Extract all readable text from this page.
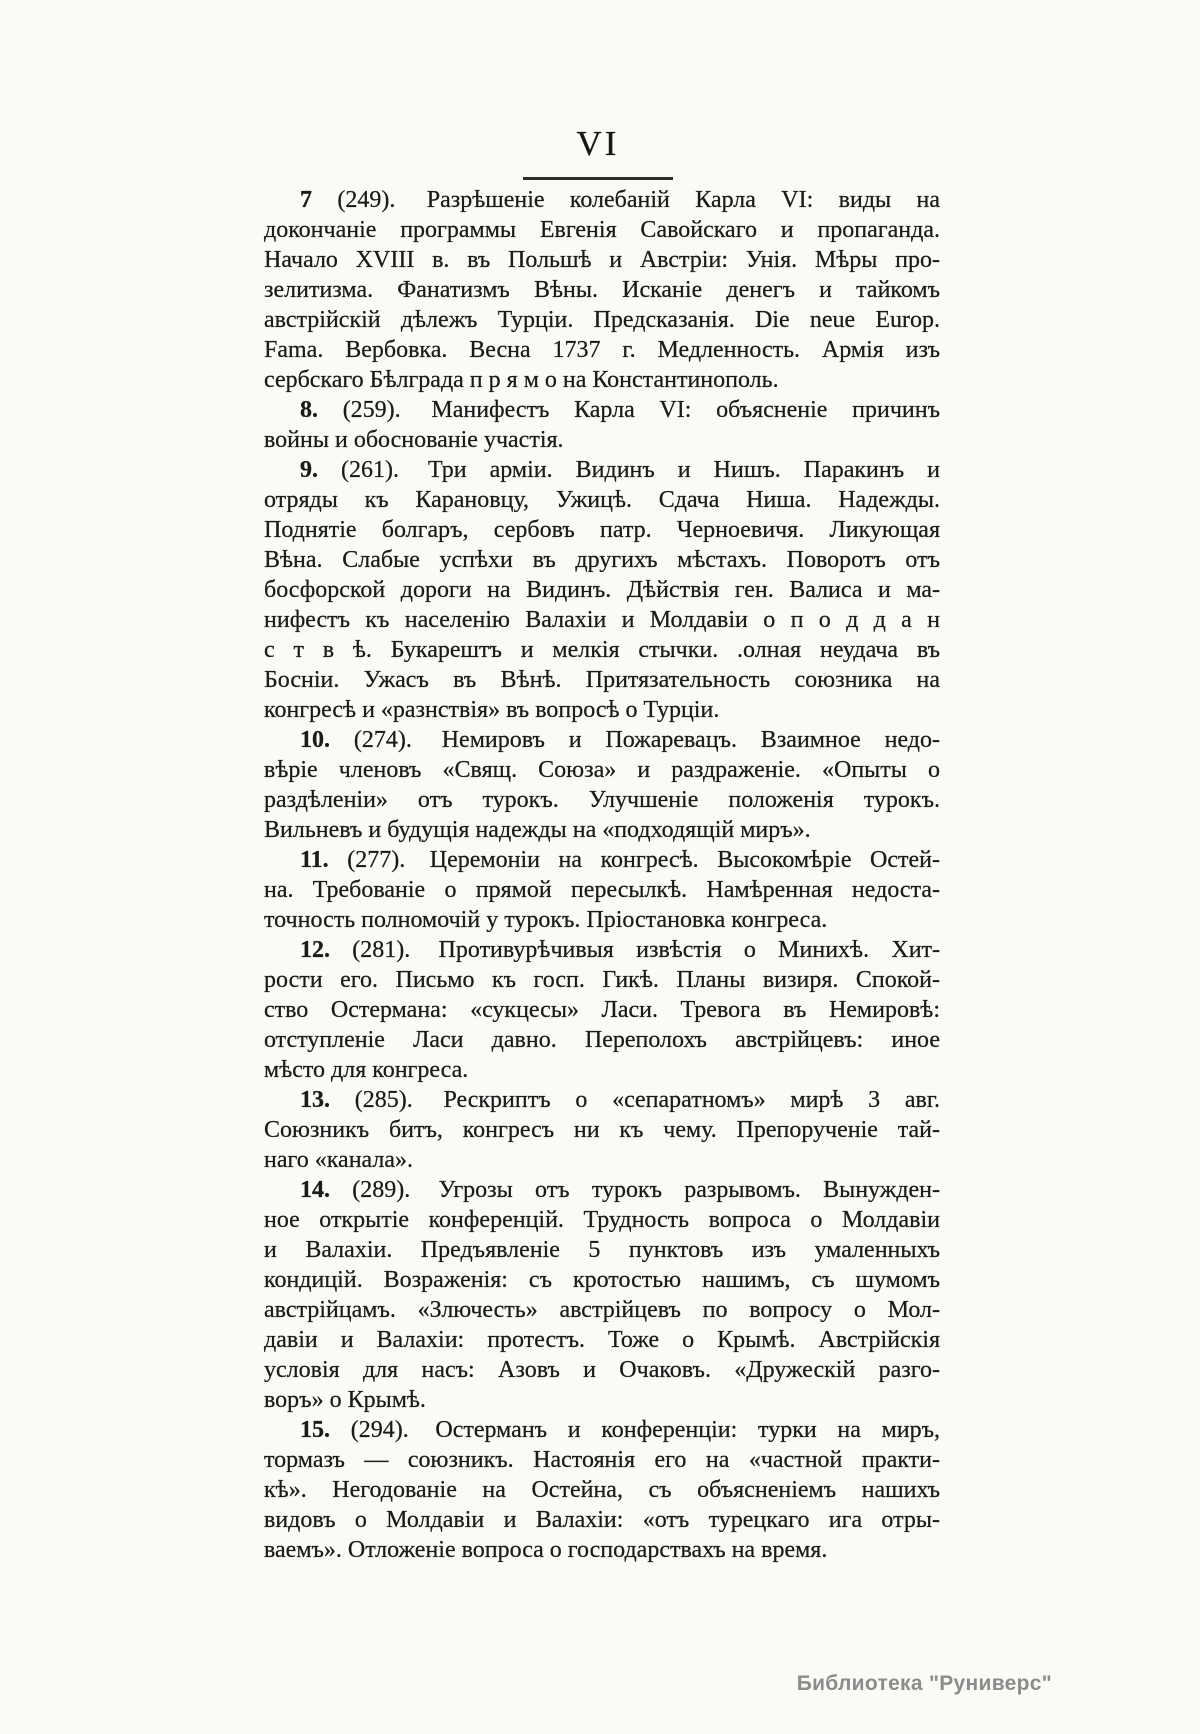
VI
7 (249). Разрѣшеніе колебаній Карла VI: виды на
докончаніе программы Евгенія Савойскаго и пропаганда.
Начало XVIII в. въ Польшѣ и Австріи: Унія. Мѣры про-
зелитизма. Фанатизмъ Вѣны. Исканіе денегъ и тайкомъ
австрійскій дѣлежъ Турціи. Предсказанія. Die neue Europ.
Fama. Вербовка. Весна 1737 г. Медленность. Армія изъ
сербскаго Бѣлграда п р я м о на Константинополь.
8. (259). Манифестъ Карла VI: объясненіе причинъ
войны и обоснованіе участія.
9. (261). Три арміи. Видинъ и Нишъ. Паракинъ и
отряды къ Карановцу, Ужицѣ. Сдача Ниша. Надежды.
Поднятіе болгаръ, сербовъ патр. Черноевичя. Ликующая
Вѣна. Слабые успѣхи въ другихъ мѣстахъ. Поворотъ отъ
босфорской дороги на Видинъ. Дѣйствія ген. Валиса и ма-
нифестъ къ населенію Валахіи и Молдавіи о п о д д а н
с т в ѣ. Букарештъ и мелкія стычки. .олная неудача въ
Босніи. Ужасъ въ Вѣнѣ. Притязательность союзника на
конгресѣ и «разнствія» въ вопросѣ о Турціи.
10. (274). Немировъ и Пожаревацъ. Взаимное недо-
вѣріе членовъ «Свящ. Союза» и раздраженіе. «Опыты о
раздѣленіи» отъ турокъ. Улучшеніе положенія турокъ.
Вильневъ и будущія надежды на «подходящій миръ».
11. (277). Церемоніи на конгресѣ. Высокомѣріе Остей-
на. Требованіе о прямой пересылкѣ. Намѣренная недоста-
точность полномочій у турокъ. Пріостановка конгреса.
12. (281). Противурѣчивыя извѣстія о Минихѣ. Хит-
рости его. Письмо къ госп. Гикѣ. Планы визиря. Спокой-
ство Остермана: «сукцесы» Ласи. Тревога въ Немировѣ:
отступленіе Ласи давно. Переполохъ австрійцевъ: иное
мѣсто для конгреса.
13. (285). Рескриптъ о «сепаратномъ» мирѣ 3 авг.
Союзникъ битъ, конгресъ ни къ чему. Препорученіе тай-
наго «канала».
14. (289). Угрозы отъ турокъ разрывомъ. Вынужден-
ное открытіе конференцій. Трудность вопроса о Молдавіи
и Валахіи. Предъявленіе 5 пунктовъ изъ умаленныхъ
кондицій. Возраженія: съ кротостью нашимъ, съ шумомъ
австрійцамъ. «Злючесть» австрійцевъ по вопросу о Мол-
давіи и Валахіи: протестъ. Тоже о Крымѣ. Австрійскія
условія для насъ: Азовъ и Очаковъ. «Дружескій разго-
воръ» о Крымѣ.
15. (294). Остерманъ и конференціи: турки на миръ,
тормазъ — союзникъ. Настоянія его на «частной практи-
кѣ». Негодованіе на Остейна, съ объясненіемъ нашихъ
видовъ о Молдавіи и Валахіи: «отъ турецкаго ига отры-
ваемъ». Отложеніе вопроса о господарствахъ на время.
Библиотека "Руниверс"
